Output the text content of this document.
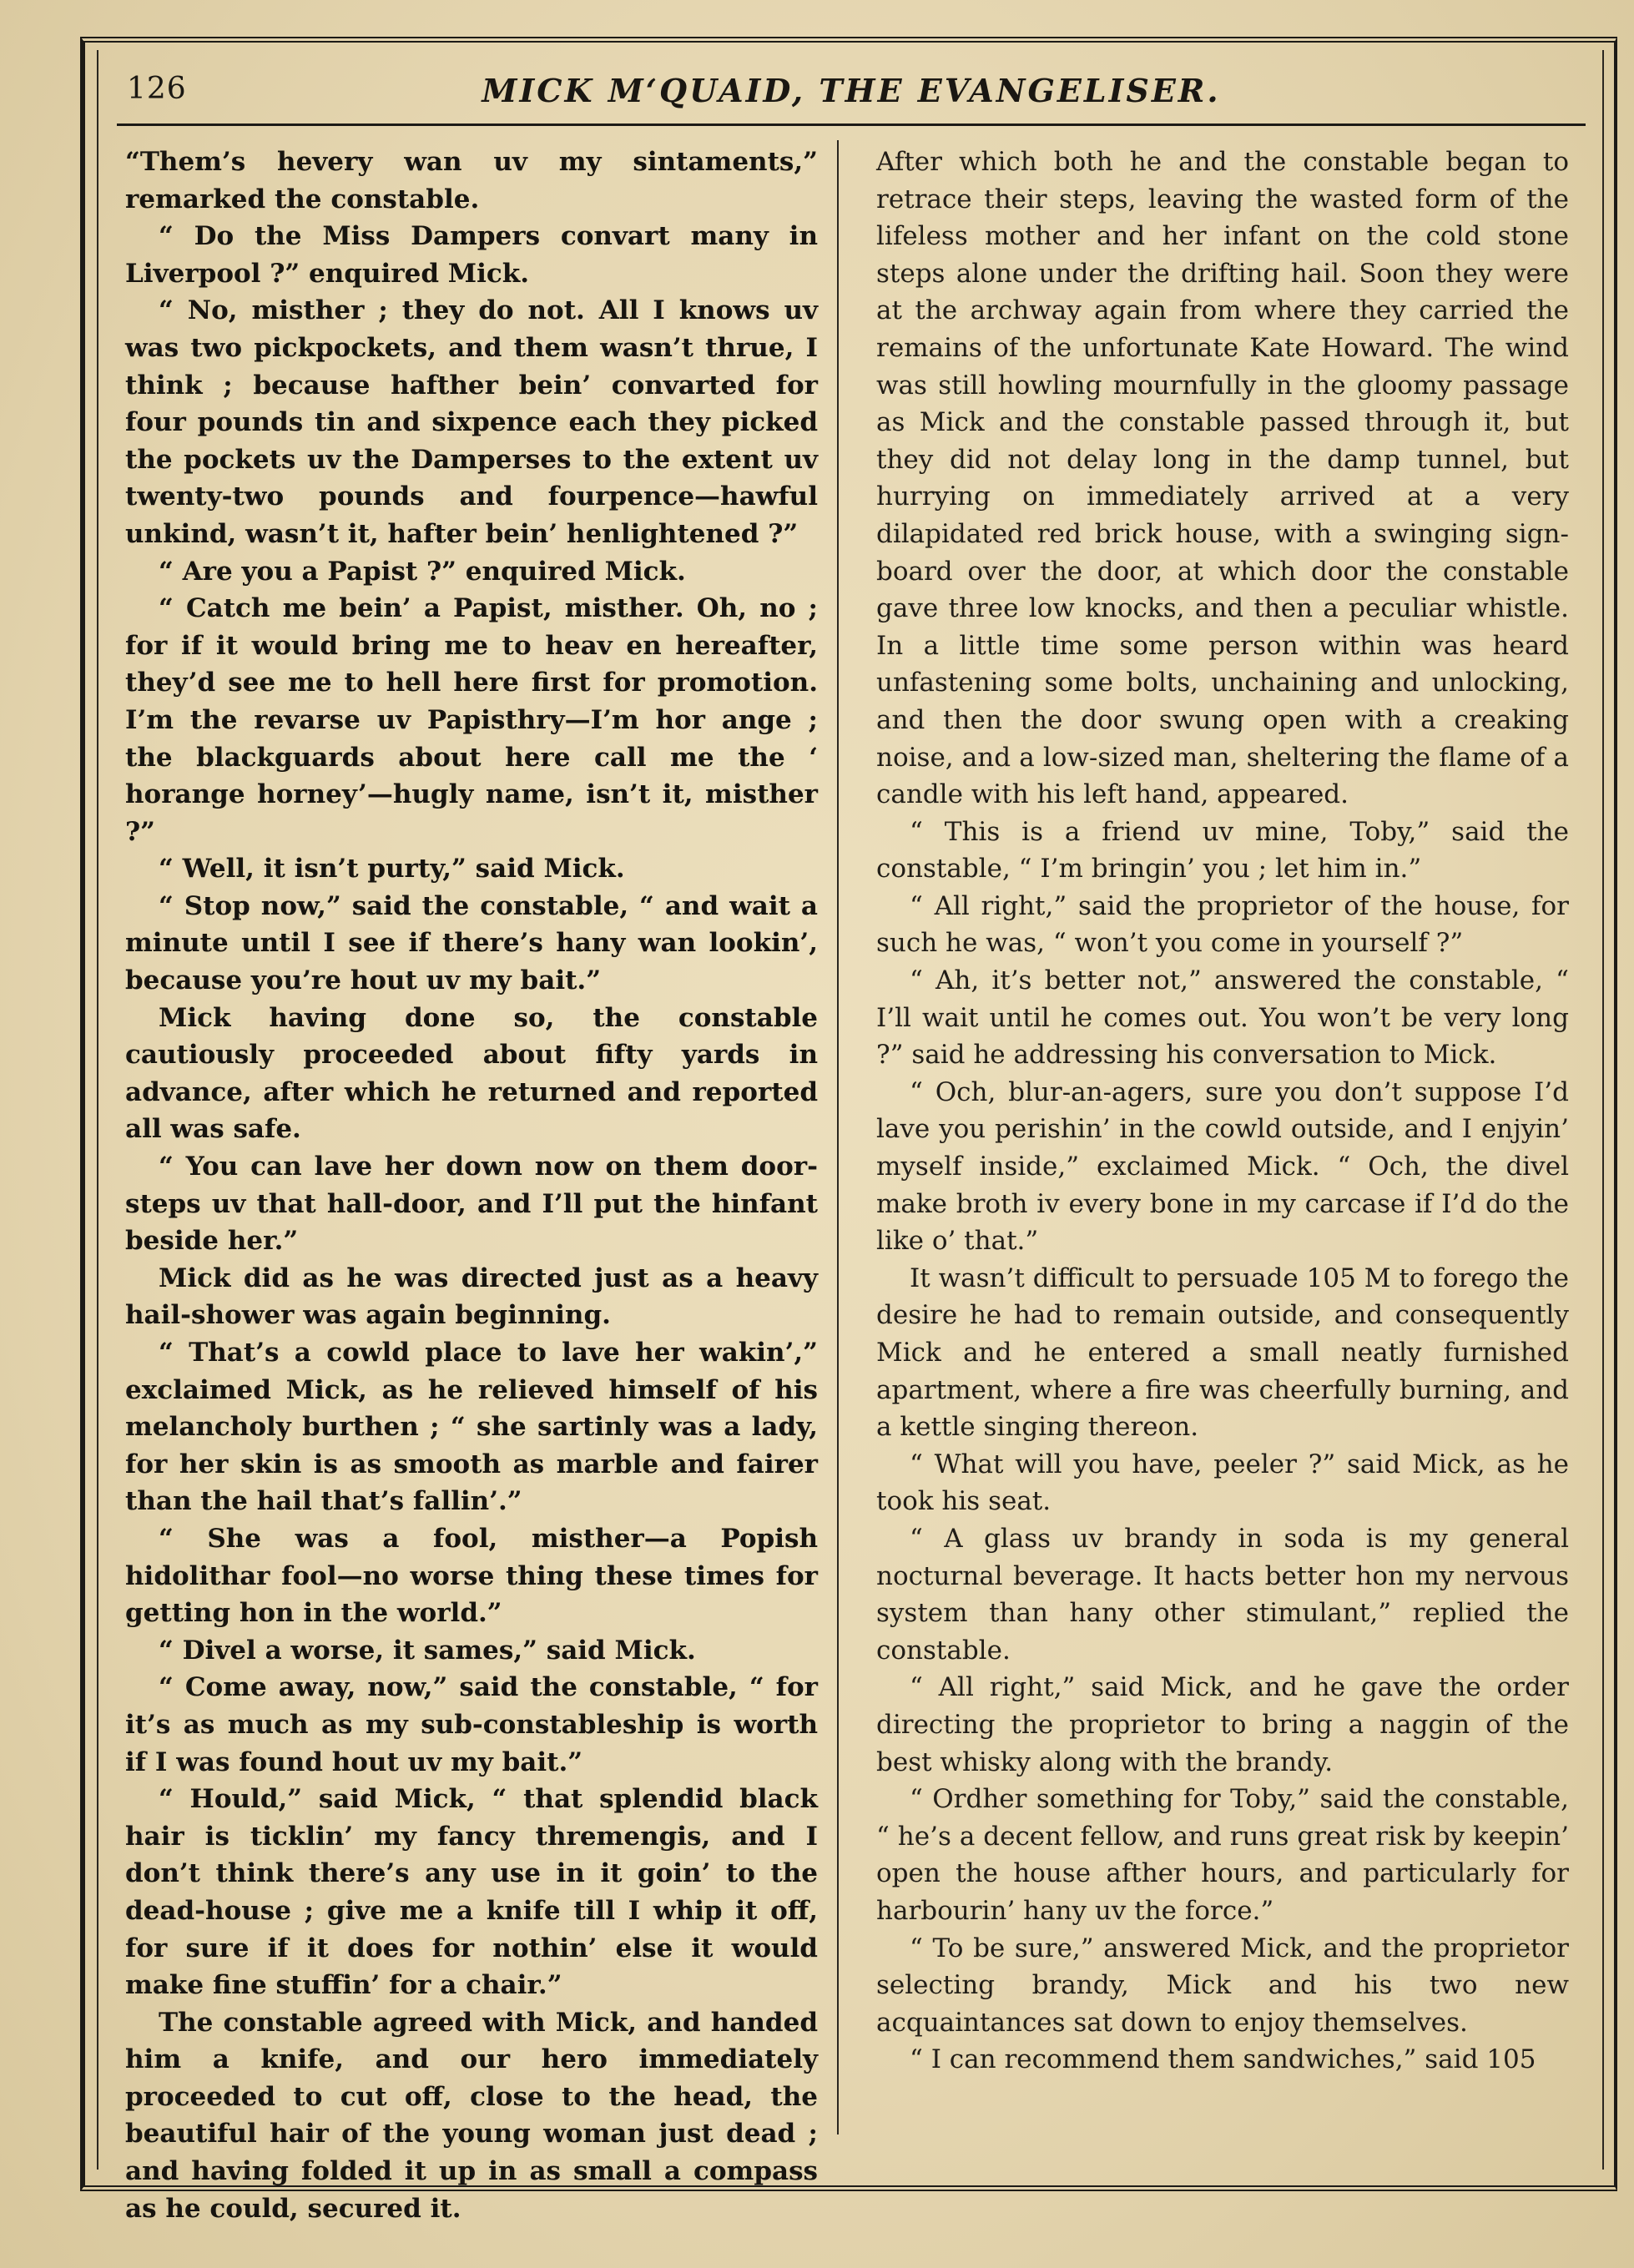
126	MICK M‘QUAID, THE EVANGELISER.

“Them’s hevery wan uv my sintaments,” remarked the constable.

“ Do the Miss Dampers convart many in Liverpool ?” enquired Mick.

“ No, misther ; they do not. All I knows uv was two pickpockets, and them wasn’t thrue, I think ; because hafther bein’ convarted for four pounds tin and sixpence each they picked the pockets uv the Damperses to the extent uv twenty-two pounds and fourpence—hawful unkind, wasn’t it, hafter bein’ henlightened ?”

“ Are you a Papist ?” enquired Mick.

“ Catch me bein’ a Papist, misther. Oh, no ; for if it would bring me to heav en hereafter, they’d see me to hell here first for promotion. I’m the revarse uv Papisthry—I’m hor ange ; the blackguards about here call me the ‘ horange horney’—hugly name, isn’t it, misther ?”

“ Well, it isn’t purty,” said Mick.

“ Stop now,” said the constable, “ and wait a minute until I see if there’s hany wan lookin’, because you’re hout uv my bait.”

Mick having done so, the constable cautiously proceeded about fifty yards in advance, after which he returned and reported all was safe.

“ You can lave her down now on them door-steps uv that hall-door, and I’ll put the hinfant beside her.”

Mick did as he was directed just as a heavy hail-shower was again beginning.

“ That’s a cowld place to lave her wakin’,” exclaimed Mick, as he relieved himself of his melancholy burthen ; “ she sartinly was a lady, for her skin is as smooth as marble and fairer than the hail that’s fallin’.”

“ She was a fool, misther—a Popish hidolithar fool—no worse thing these times for getting hon in the world.”

“ Divel a worse, it sames,” said Mick.

“ Come away, now,” said the constable, “ for it’s as much as my sub-constableship is worth if I was found hout uv my bait.”

“ Hould,” said Mick, “ that splendid black hair is ticklin’ my fancy thremengis, and I don’t think there’s any use in it goin’ to the dead-house ; give me a knife till I whip it off, for sure if it does for nothin’ else it would make fine stuffin’ for a chair.”

The constable agreed with Mick, and handed him a knife, and our hero immediately proceeded to cut off, close to the head, the beautiful hair of the young woman just dead ; and having folded it up in as small a compass as he could, secured it.

After which both he and the constable began to retrace their steps, leaving the wasted form of the lifeless mother and her infant on the cold stone steps alone under the drifting hail. Soon they were at the archway again from where they carried the remains of the unfortunate Kate Howard. The wind was still howling mournfully in the gloomy passage as Mick and the constable passed through it, but they did not delay long in the damp tunnel, but hurrying on immediately arrived at a very dilapidated red brick house, with a swinging sign-board over the door, at which door the constable gave three low knocks, and then a peculiar whistle. In a little time some person within was heard unfastening some bolts, unchaining and unlocking, and then the door swung open with a creaking noise, and a low-sized man, sheltering the flame of a candle with his left hand, appeared.

“ This is a friend uv mine, Toby,” said the constable, “ I’m bringin’ you ; let him in.”

“ All right,” said the proprietor of the house, for such he was, “ won’t you come in yourself ?”

“ Ah, it’s better not,” answered the constable, “ I’ll wait until he comes out. You won’t be very long ?” said he addressing his conversation to Mick.

“ Och, blur-an-agers, sure you don’t suppose I’d lave you perishin’ in the cowld outside, and I enjyin’ myself inside,” exclaimed Mick. “ Och, the divel make broth iv every bone in my carcase if I’d do the like o’ that.”

It wasn’t difficult to persuade 105 M to forego the desire he had to remain outside, and consequently Mick and he entered a small neatly furnished apartment, where a fire was cheerfully burning, and a kettle singing thereon.

“ What will you have, peeler ?” said Mick, as he took his seat.

“ A glass uv brandy in soda is my general nocturnal beverage. It hacts better hon my nervous system than hany other stimulant,” replied the constable.

“ All right,” said Mick, and he gave the order directing the proprietor to bring a naggin of the best whisky along with the brandy.

“ Ordher something for Toby,” said the constable, “ he’s a decent fellow, and runs great risk by keepin’ open the house afther hours, and particularly for harbourin’ hany uv the force.”

“ To be sure,” answered Mick, and the proprietor selecting brandy, Mick and his two new acquaintances sat down to enjoy themselves.

“ I can recommend them sandwiches,” said 105
